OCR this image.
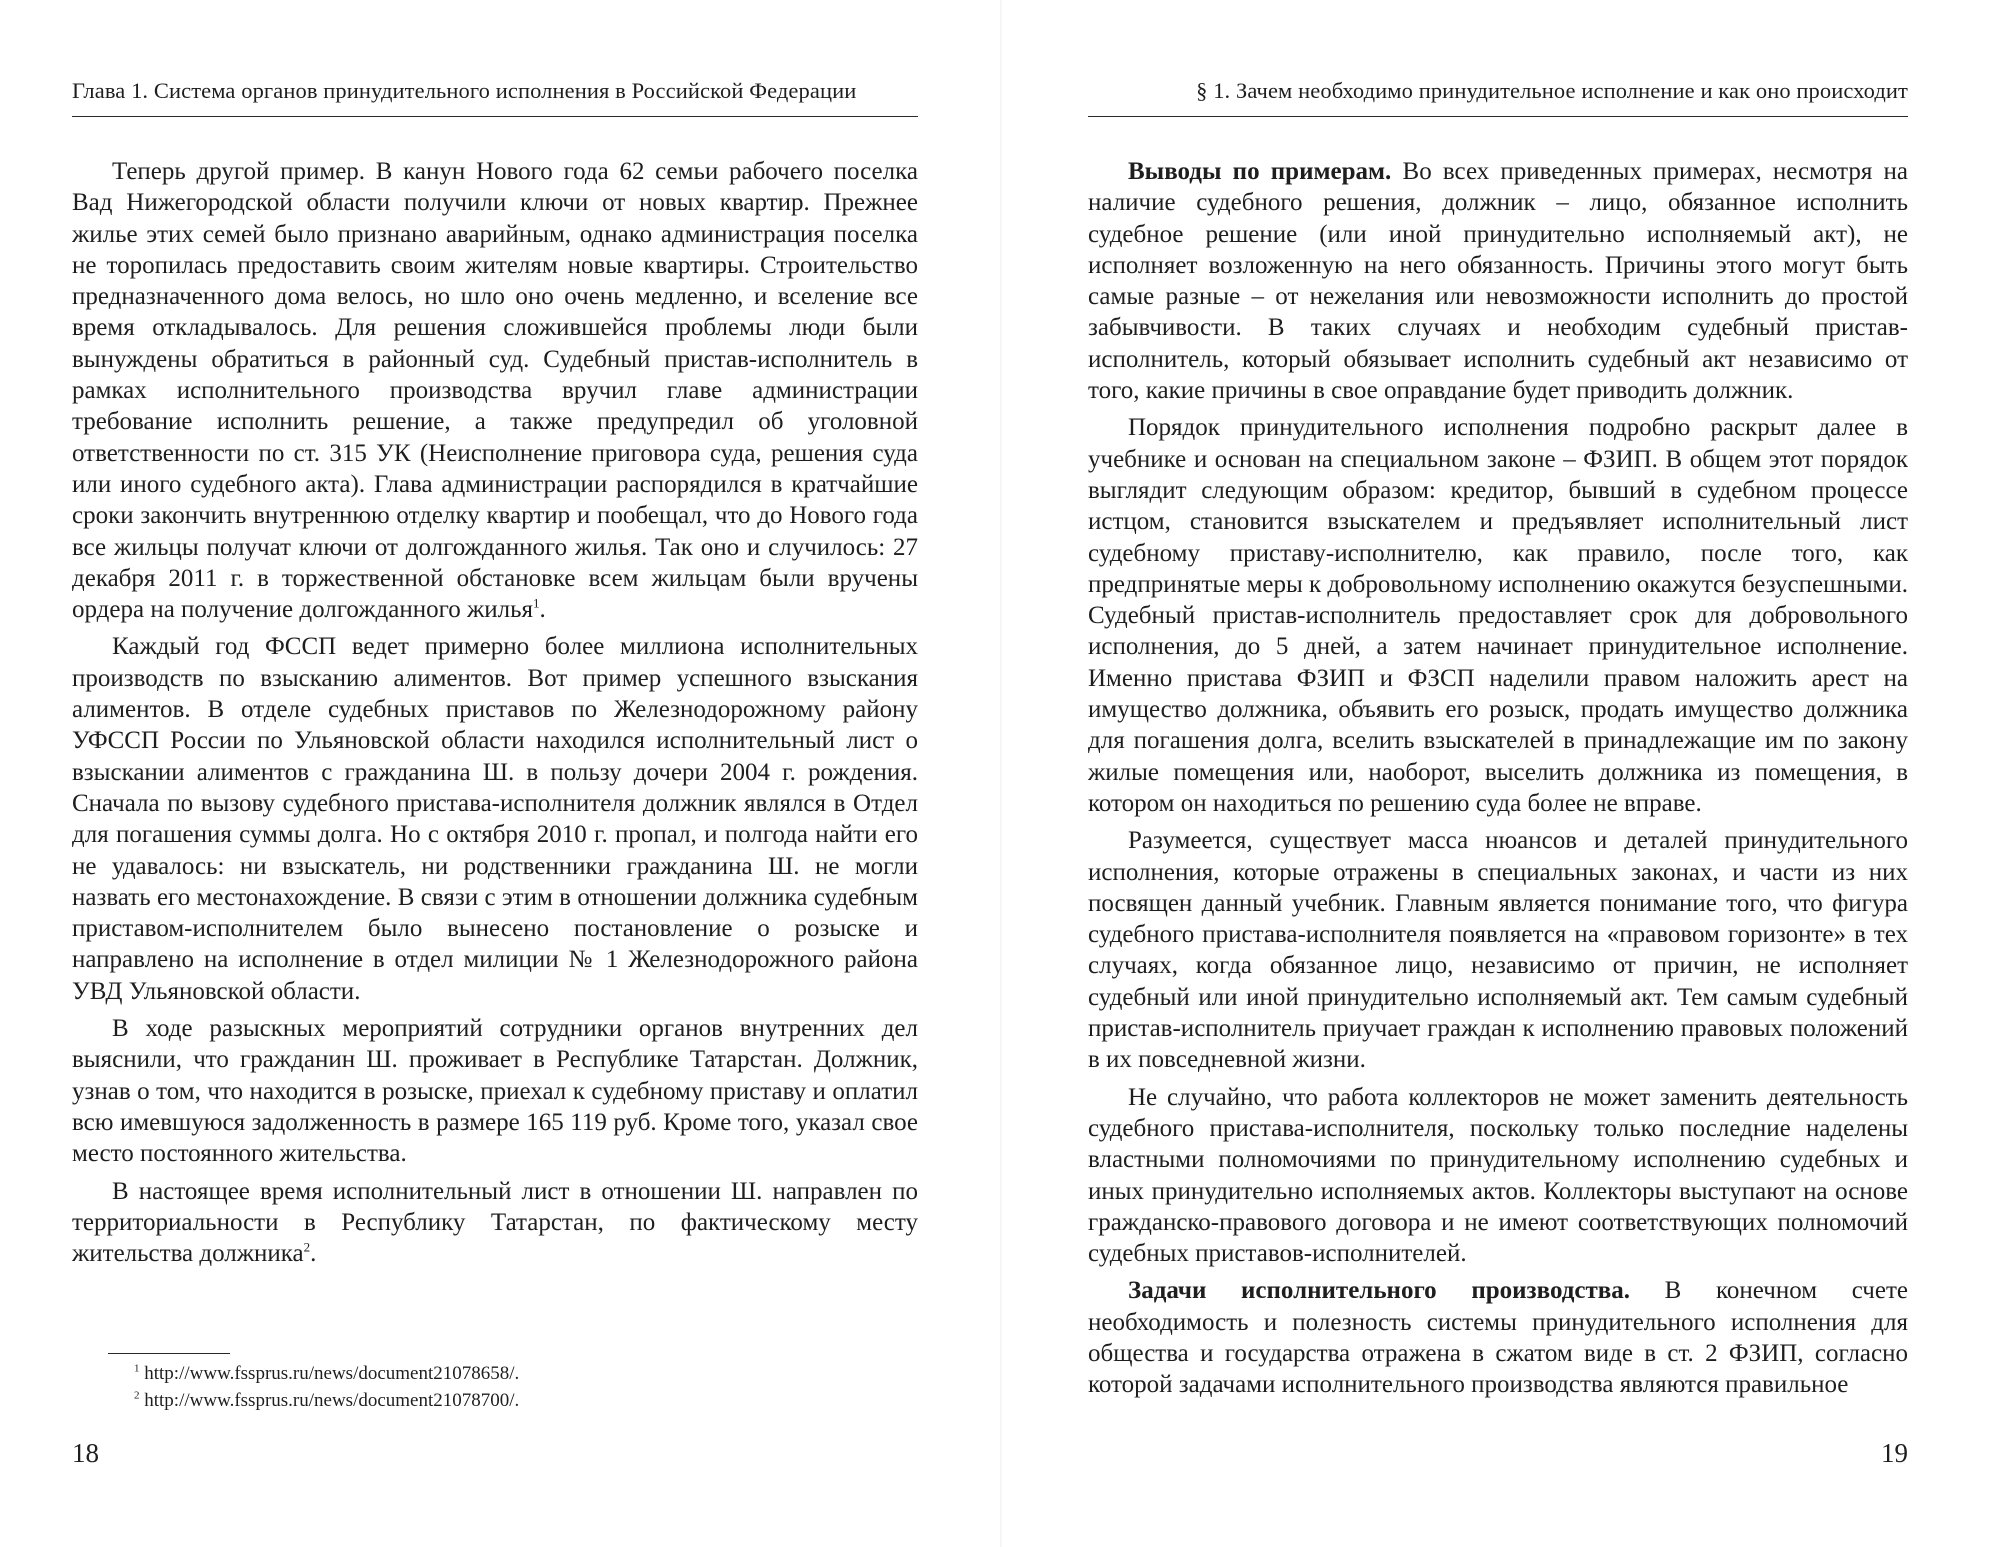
Глава 1. Система органов принудительного исполнения в Российской Федерации

Теперь другой пример. В канун Нового года 62 семьи рабочего поселка Вад Нижегородской области получили ключи от новых квартир. Прежнее жилье этих семей было признано аварийным, однако администрация поселка не торопилась предоставить своим жителям новые квартиры. Строительство предназначенного дома велось, но шло оно очень медленно, и вселение все время откладывалось. Для решения сложившейся проблемы люди были вынуждены обратиться в районный суд. Судебный пристав-исполнитель в рамках исполнительного производства вручил главе администрации требование исполнить решение, а также предупредил об уголовной ответственности по ст. 315 УК (Неисполнение приговора суда, решения суда или иного судебного акта). Глава администрации распорядился в кратчайшие сроки закончить внутреннюю отделку квартир и пообещал, что до Нового года все жильцы получат ключи от долгожданного жилья. Так оно и случилось: 27 декабря 2011 г. в торжественной обстановке всем жильцам были вручены ордера на получение долгожданного жилья$^1$.

Каждый год ФССП ведет примерно более миллиона исполнительных производств по взысканию алиментов. Вот пример успешного взыскания алиментов. В отделе судебных приставов по Железнодорожному району УФССП России по Ульяновской области находился исполнительный лист о взыскании алиментов с гражданина Ш. в пользу дочери 2004 г. рождения. Сначала по вызову судебного пристава-исполнителя должник являлся в Отдел для погашения суммы долга. Но с октября 2010 г. пропал, и полгода найти его не удавалось: ни взыскатель, ни родственники гражданина Ш. не могли назвать его местонахождение. В связи с этим в отношении должника судебным приставом-исполнителем было вынесено постановление о розыске и направлено на исполнение в отдел милиции № 1 Железнодорожного района УВД Ульяновской области.

В ходе разыскных мероприятий сотрудники органов внутренних дел выяснили, что гражданин Ш. проживает в Республике Татарстан. Должник, узнав о том, что находится в розыске, приехал к судебному приставу и оплатил всю имевшуюся задолженность в размере 165 119 руб. Кроме того, указал свое место постоянного жительства.

В настоящее время исполнительный лист в отношении Ш. направлен по территориальности в Республику Татарстан, по фактическому месту жительства должника$^2$.

$^1$ http://www.fssprus.ru/news/document21078658/.
$^2$ http://www.fssprus.ru/news/document21078700/.
18
§ 1. Зачем необходимо принудительное исполнение и как оно происходит

Выводы по примерам. Во всех приведенных примерах, несмотря на наличие судебного решения, должник – лицо, обязанное исполнить судебное решение (или иной принудительно исполняемый акт), не исполняет возложенную на него обязанность. Причины этого могут быть самые разные – от нежелания или невозможности исполнить до простой забывчивости. В таких случаях и необходим судебный пристав-исполнитель, который обязывает исполнить судебный акт независимо от того, какие причины в свое оправдание будет приводить должник.

Порядок принудительного исполнения подробно раскрыт далее в учебнике и основан на специальном законе – ФЗИП. В общем этот порядок выглядит следующим образом: кредитор, бывший в судебном процессе истцом, становится взыскателем и предъявляет исполнительный лист судебному приставу-исполнителю, как правило, после того, как предпринятые меры к добровольному исполнению окажутся безуспешными. Судебный пристав-исполнитель предоставляет срок для добровольного исполнения, до 5 дней, а затем начинает принудительное исполнение. Именно пристава ФЗИП и ФЗСП наделили правом наложить арест на имущество должника, объявить его розыск, продать имущество должника для погашения долга, вселить взыскателей в принадлежащие им по закону жилые помещения или, наоборот, выселить должника из помещения, в котором он находиться по решению суда более не вправе.

Разумеется, существует масса нюансов и деталей принудительного исполнения, которые отражены в специальных законах, и части из них посвящен данный учебник. Главным является понимание того, что фигура судебного пристава-исполнителя появляется на «правовом горизонте» в тех случаях, когда обязанное лицо, независимо от причин, не исполняет судебный или иной принудительно исполняемый акт. Тем самым судебный пристав-исполнитель приучает граждан к исполнению правовых положений в их повседневной жизни.

Не случайно, что работа коллекторов не может заменить деятельность судебного пристава-исполнителя, поскольку только последние наделены властными полномочиями по принудительному исполнению судебных и иных принудительно исполняемых актов. Коллекторы выступают на основе гражданско-правового договора и не имеют соответствующих полномочий судебных приставов-исполнителей.

Задачи исполнительного производства. В конечном счете необходимость и полезность системы принудительного исполнения для общества и государства отражена в сжатом виде в ст. 2 ФЗИП, согласно которой задачами исполнительного производства являются правильное

19
